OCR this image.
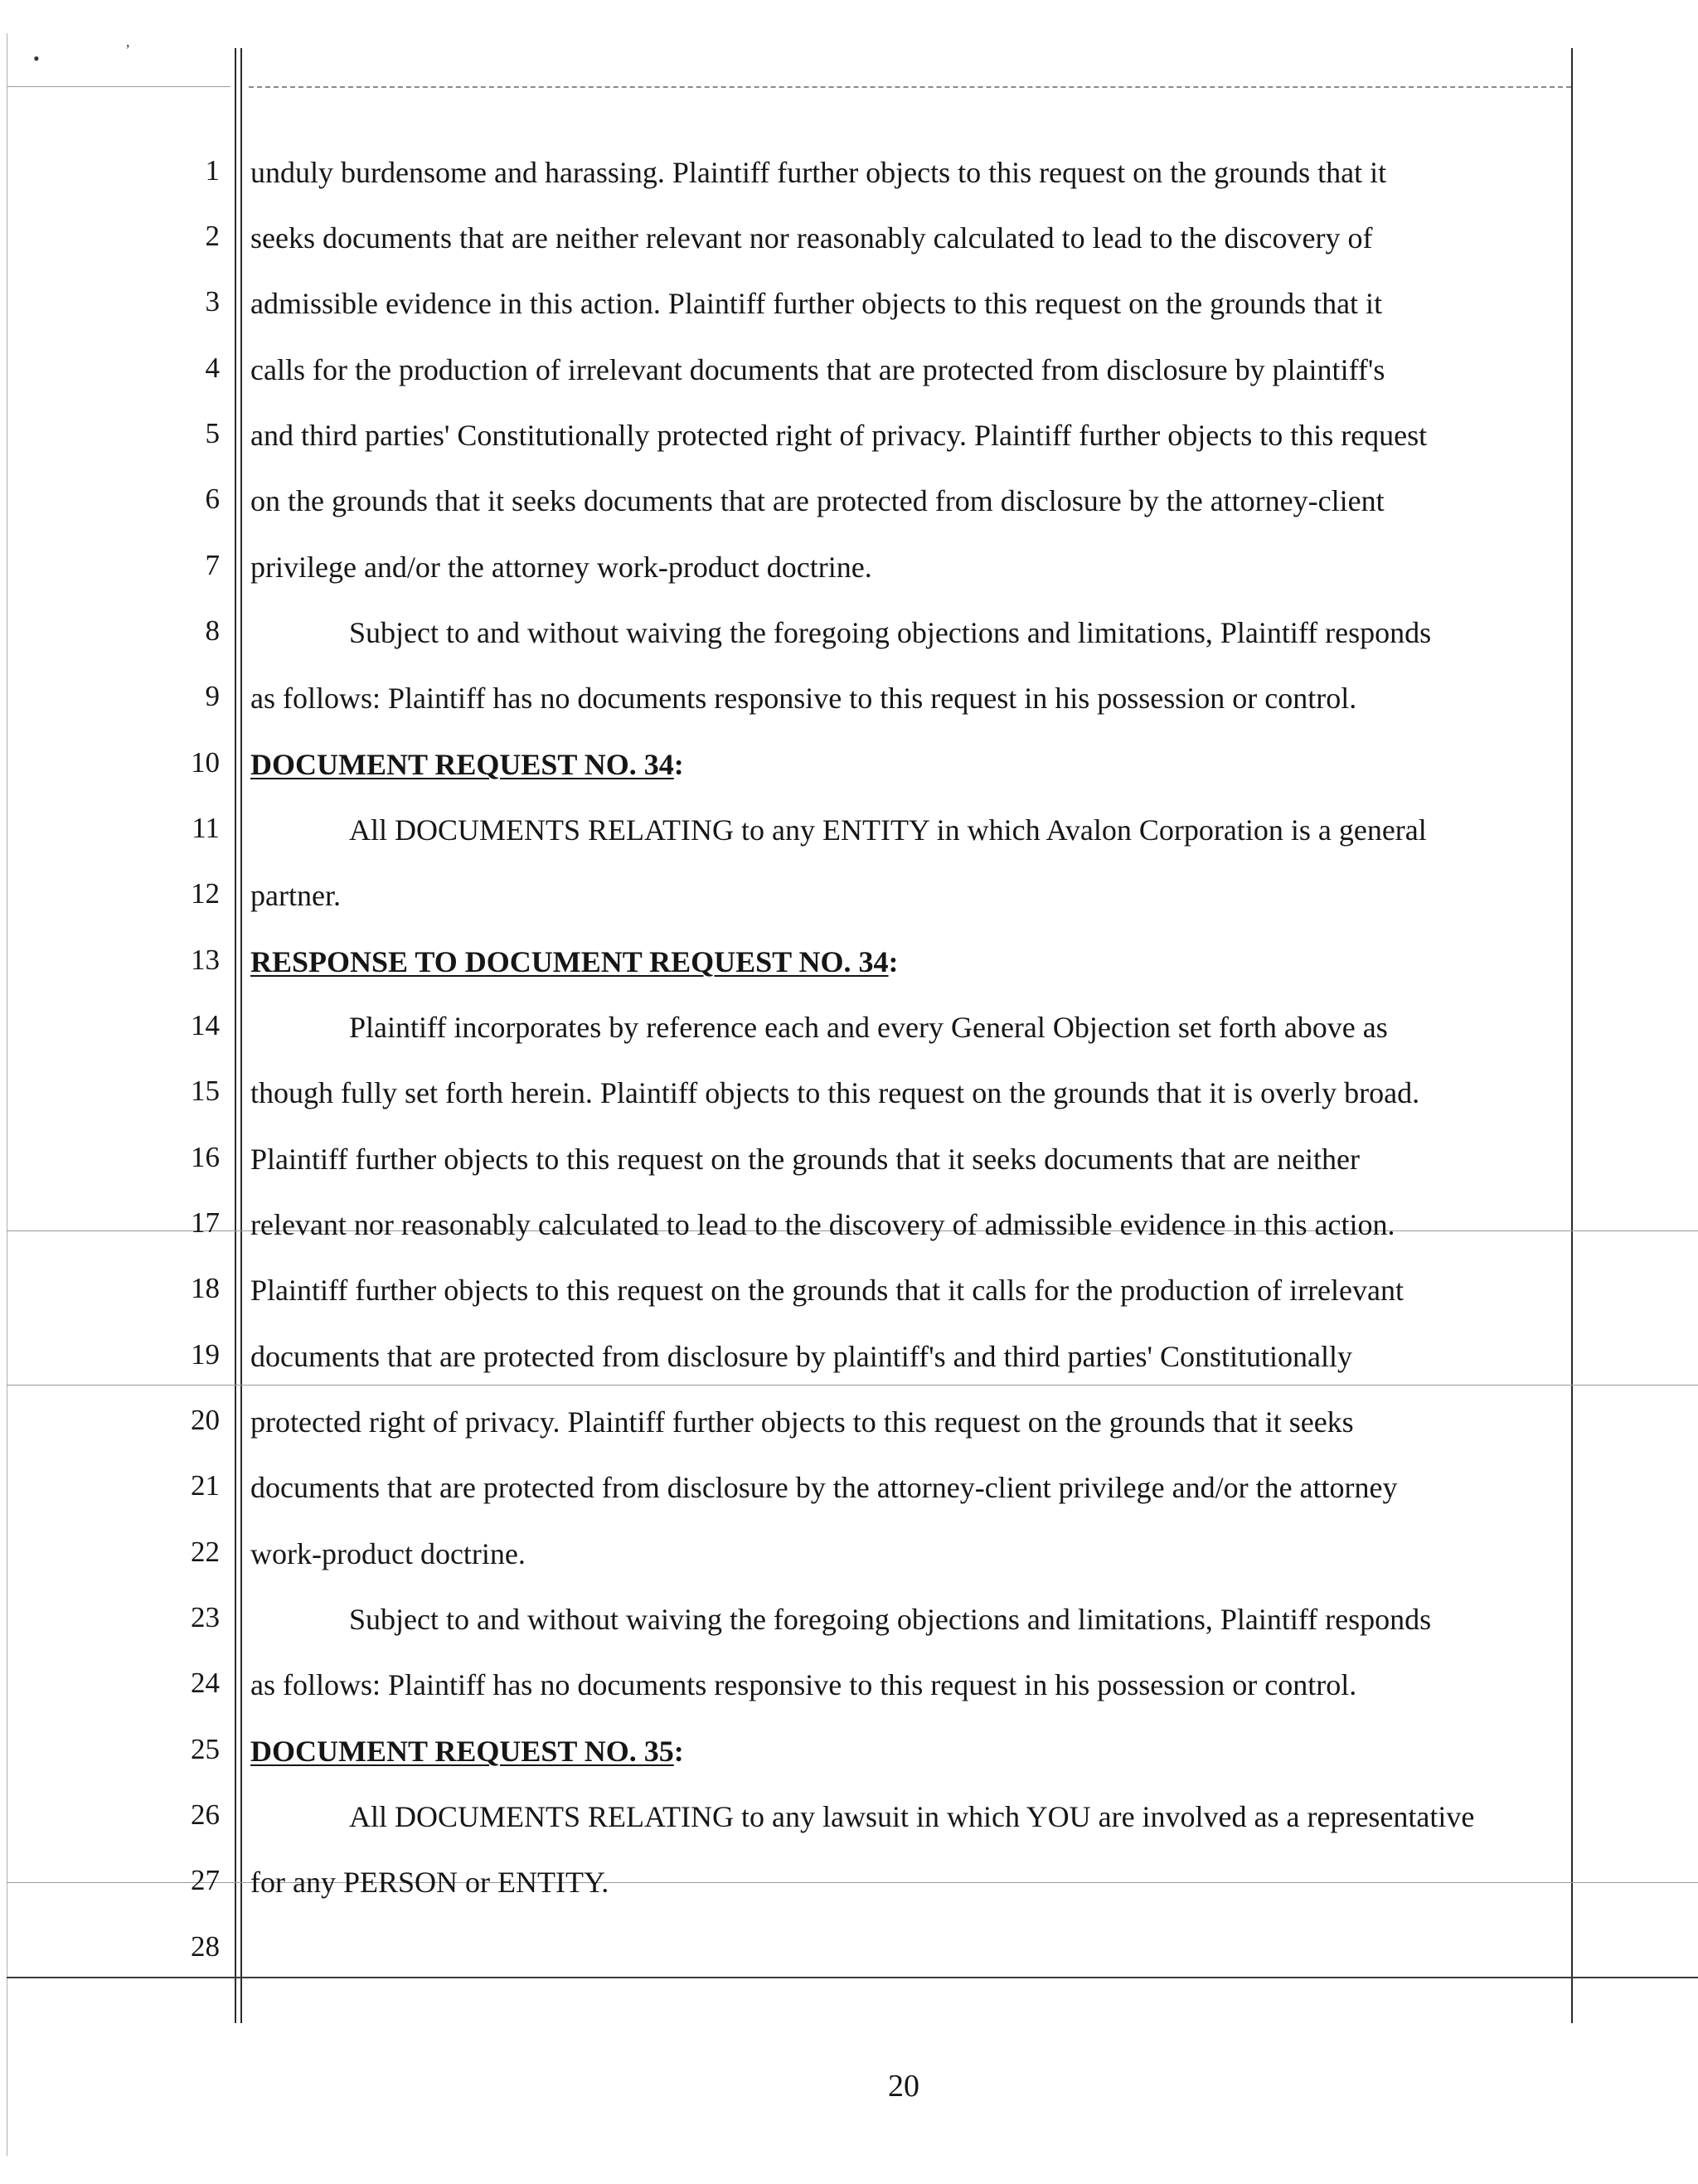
•
,
1
2
3
4
5
6
7
8
9
10
11
12
13
14
15
16
17
18
19
20
21
22
23
24
25
26
27
28
unduly burdensome and harassing. Plaintiff further objects to this request on the grounds that it
seeks documents that are neither relevant nor reasonably calculated to lead to the discovery of
admissible evidence in this action. Plaintiff further objects to this request on the grounds that it
calls for the production of irrelevant documents that are protected from disclosure by plaintiff's
and third parties' Constitutionally protected right of privacy. Plaintiff further objects to this request
on the grounds that it seeks documents that are protected from disclosure by the attorney-client
privilege and/or the attorney work-product doctrine.
Subject to and without waiving the foregoing objections and limitations, Plaintiff responds
as follows: Plaintiff has no documents responsive to this request in his possession or control.
DOCUMENT REQUEST NO. 34:
All DOCUMENTS RELATING to any ENTITY in which Avalon Corporation is a general
partner.
RESPONSE TO DOCUMENT REQUEST NO. 34:
Plaintiff incorporates by reference each and every General Objection set forth above as
though fully set forth herein. Plaintiff objects to this request on the grounds that it is overly broad.
Plaintiff further objects to this request on the grounds that it seeks documents that are neither
relevant nor reasonably calculated to lead to the discovery of admissible evidence in this action.
Plaintiff further objects to this request on the grounds that it calls for the production of irrelevant
documents that are protected from disclosure by plaintiff's and third parties' Constitutionally
protected right of privacy. Plaintiff further objects to this request on the grounds that it seeks
documents that are protected from disclosure by the attorney-client privilege and/or the attorney
work-product doctrine.
Subject to and without waiving the foregoing objections and limitations, Plaintiff responds
as follows: Plaintiff has no documents responsive to this request in his possession or control.
DOCUMENT REQUEST NO. 35:
All DOCUMENTS RELATING to any lawsuit in which YOU are involved as a representative
for any PERSON or ENTITY.
20
